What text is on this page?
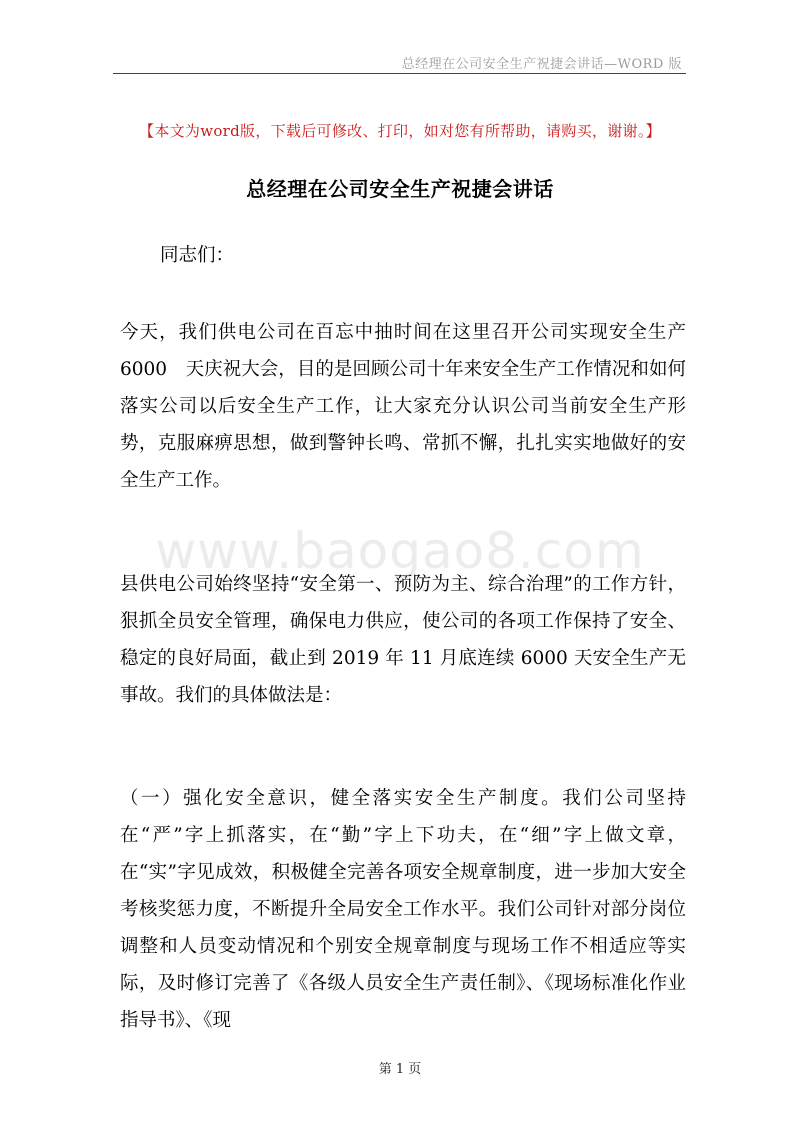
总经理在公司安全生产祝捷会讲话—WORD 版
【本文为word版，下载后可修改、打印，如对您有所帮助，请购买，谢谢。】
总经理在公司安全生产祝捷会讲话

同志们：

今天，我们供电公司在百忘中抽时间在这里召开公司实现安全生产6000　天庆祝大会，目的是回顾公司十年来安全生产工作情况和如何落实公司以后安全生产工作，让大家充分认识公司当前安全生产形势，克服麻痹思想，做到警钟长鸣、常抓不懈，扎扎实实地做好的安全生产工作。

www.baogao8.com

县供电公司始终坚持“安全第一、预防为主、综合治理”的工作方针，狠抓全员安全管理，确保电力供应，使公司的各项工作保持了安全、稳定的良好局面，截止到 2019 年 11 月底连续 6000 天安全生产无事故。我们的具体做法是：

（一）强化安全意识，健全落实安全生产制度。我们公司坚持在“严”字上抓落实，在“勤”字上下功夫，在“细”字上做文章，在“实”字见成效，积极健全完善各项安全规章制度，进一步加大安全考核奖惩力度，不断提升全局安全工作水平。我们公司针对部分岗位调整和人员变动情况和个别安全规章制度与现场工作不相适应等实际，及时修订完善了《各级人员安全生产责任制》、《现场标准化作业指导书》、《现

第 1 页
